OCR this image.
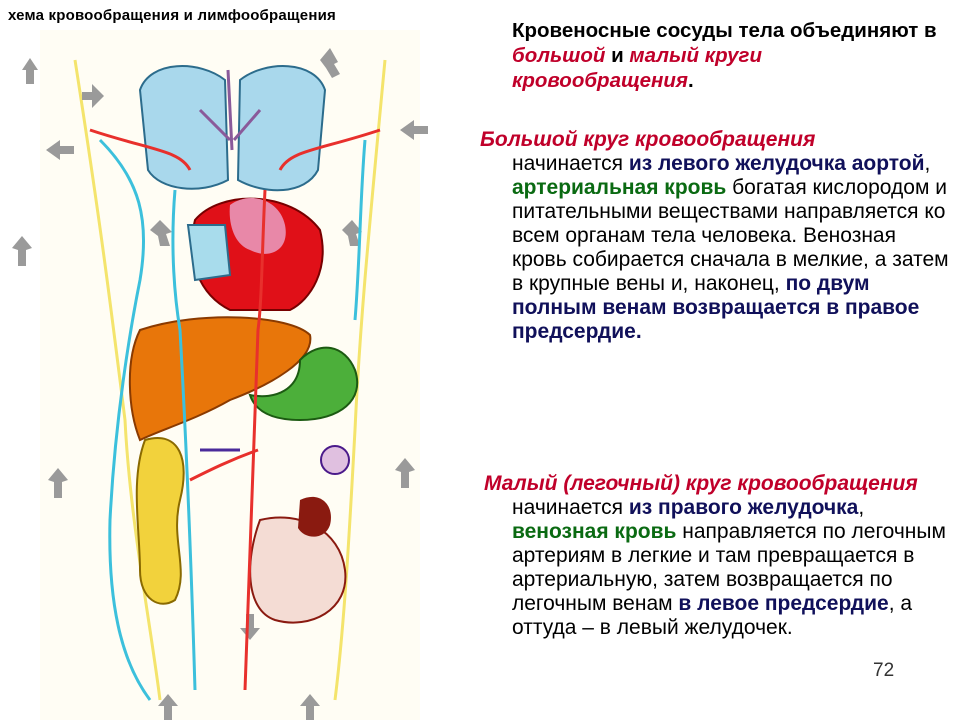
хема кровообращения и лимфообращения
Кровеносные сосуды тела объединяют в большой и малый круги кровообращения.
Большой круг кровообращения
начинается из левого желудочка аортой, артериальная кровь богатая кислородом и питательными веществами направляется ко всем органам тела человека. Венозная кровь собирается сначала в мелкие, а затем в крупные вены и, наконец, по двум полным венам возвращается в правое предсердие.
Малый (легочный) круг кровообращения начинается из правого желудочка, венозная кровь направляется по легочным артериям в легкие и там превращается в артериальную, затем возвращается по легочным венам в левое предсердие, а оттуда – в левый желудочек.
72
